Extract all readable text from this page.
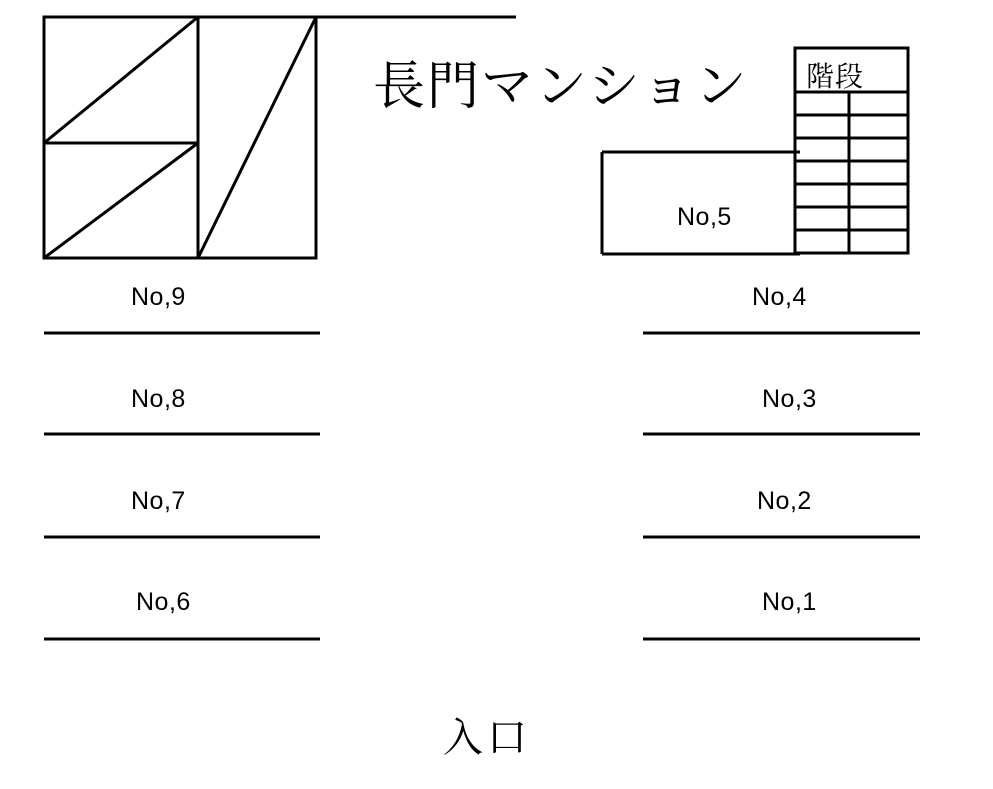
長門マンション 階段
No,9
No,8
No,7
No,6
No,5
No,4
No,3
No,2
No,1
入口
